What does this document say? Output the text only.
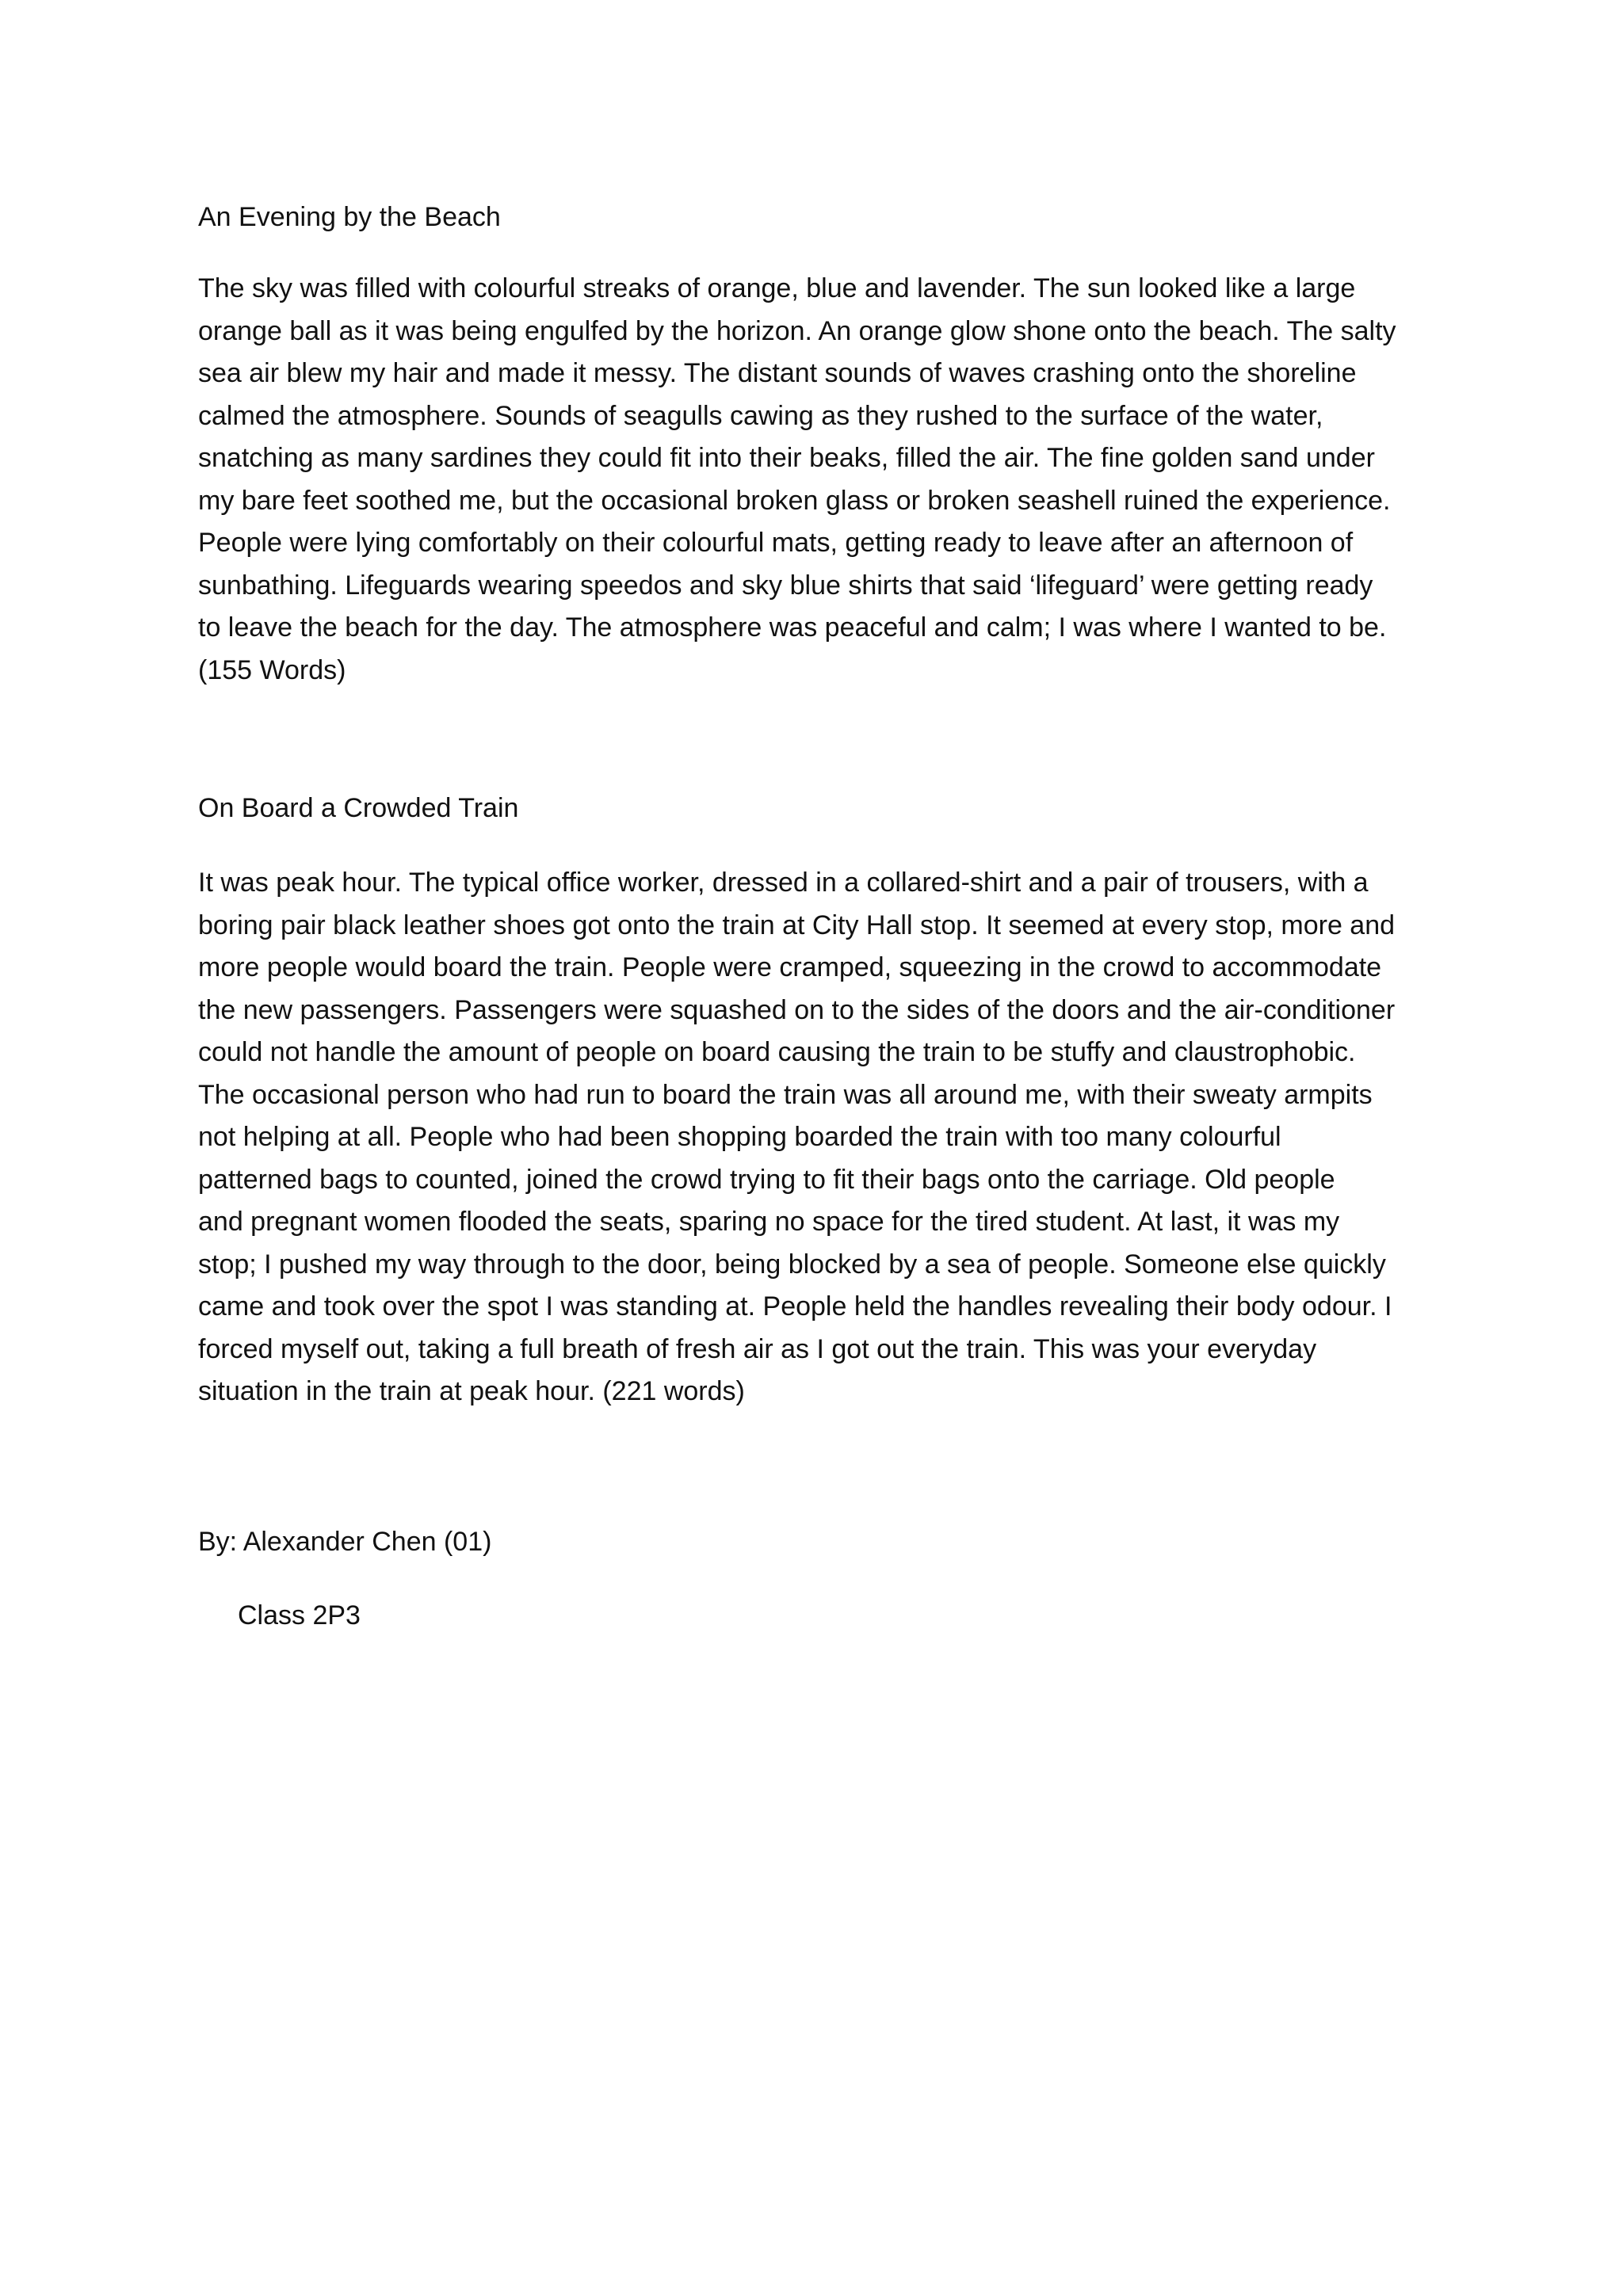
An Evening by the Beach

The sky was filled with colourful streaks of orange, blue and lavender. The sun looked like a large
orange ball as it was being engulfed by the horizon. An orange glow shone onto the beach. The salty
sea air blew my hair and made it messy. The distant sounds of waves crashing onto the shoreline
calmed the atmosphere. Sounds of seagulls cawing as they rushed to the surface of the water,
snatching as many sardines they could fit into their beaks, filled the air. The fine golden sand under
my bare feet soothed me, but the occasional broken glass or broken seashell ruined the experience.
People were lying comfortably on their colourful mats, getting ready to leave after an afternoon of
sunbathing. Lifeguards wearing speedos and sky blue shirts that said ‘lifeguard’ were getting ready
to leave the beach for the day. The atmosphere was peaceful and calm; I was where I wanted to be.
(155 Words)

On Board a Crowded Train

It was peak hour. The typical office worker, dressed in a collared-shirt and a pair of trousers, with a
boring pair black leather shoes got onto the train at City Hall stop. It seemed at every stop, more and
more people would board the train. People were cramped, squeezing in the crowd to accommodate
the new passengers. Passengers were squashed on to the sides of the doors and the air-conditioner
could not handle the amount of people on board causing the train to be stuffy and claustrophobic.
The occasional person who had run to board the train was all around me, with their sweaty armpits
not helping at all. People who had been shopping boarded the train with too many colourful
patterned bags to counted, joined the crowd trying to fit their bags onto the carriage. Old people
and pregnant women flooded the seats, sparing no space for the tired student. At last, it was my
stop; I pushed my way through to the door, being blocked by a sea of people. Someone else quickly
came and took over the spot I was standing at. People held the handles revealing their body odour. I
forced myself out, taking a full breath of fresh air as I got out the train. This was your everyday
situation in the train at peak hour. (221 words)

By: Alexander Chen (01)
Class 2P3
